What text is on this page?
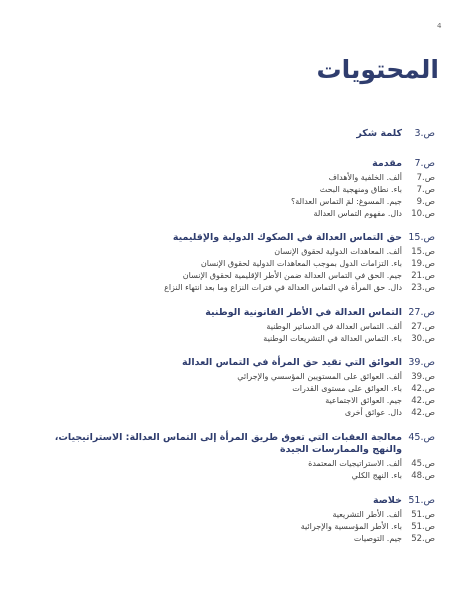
4
المحتويات
ص.3
كلمة شكر
ص.7
مقدمة
ص.7
ألف. الخلفية والأهداف
ص.7
باء. نطاق ومنهجية البحث
ص.9
جيم. المسوغ: لمَ التماس العدالة؟
ص.10
دال. مفهوم التماس العدالة
ص.15
حق التماس العدالة في الصكوك الدولية والإقليمية
ص.15
ألف. المعاهدات الدولية لحقوق الإنسان
ص.19
باء. التزامات الدول بموجب المعاهدات الدولية لحقوق الإنسان
ص.21
جيم. الحق في التماس العدالة ضمن الأطر الإقليمية لحقوق الإنسان
ص.23
دال. حق المرأة في التماس العدالة في فترات النزاع وما بعد انتهاء النزاع
ص.27
التماس العدالة في الأطر القانونية الوطنية
ص.27
ألف. التماس العدالة في الدساتير الوطنية
ص.30
باء. التماس العدالة في التشريعات الوطنية
ص.39
العوائق التي تقيد حق المرأة في التماس العدالة
ص.39
ألف. العوائق على المستويين المؤسسي والإجرائي
ص.42
باء. العوائق على مستوى القدرات
ص.42
جيم. العوائق الاجتماعية
ص.42
دال. عوائق أخرى
ص.45
معالجة العقبات التي تعوق طريق المرأة إلى التماس العدالة: الاستراتيجيات، والنهج والممارسات الجيدة
ص.45
ألف. الاستراتيجيات المعتمدة
ص.48
باء. النهج الكلي
ص.51
خلاصة
ص.51
ألف. الأطر التشريعية
ص.51
باء. الأطر المؤسسية والإجرائية
ص.52
جيم. التوصيات
